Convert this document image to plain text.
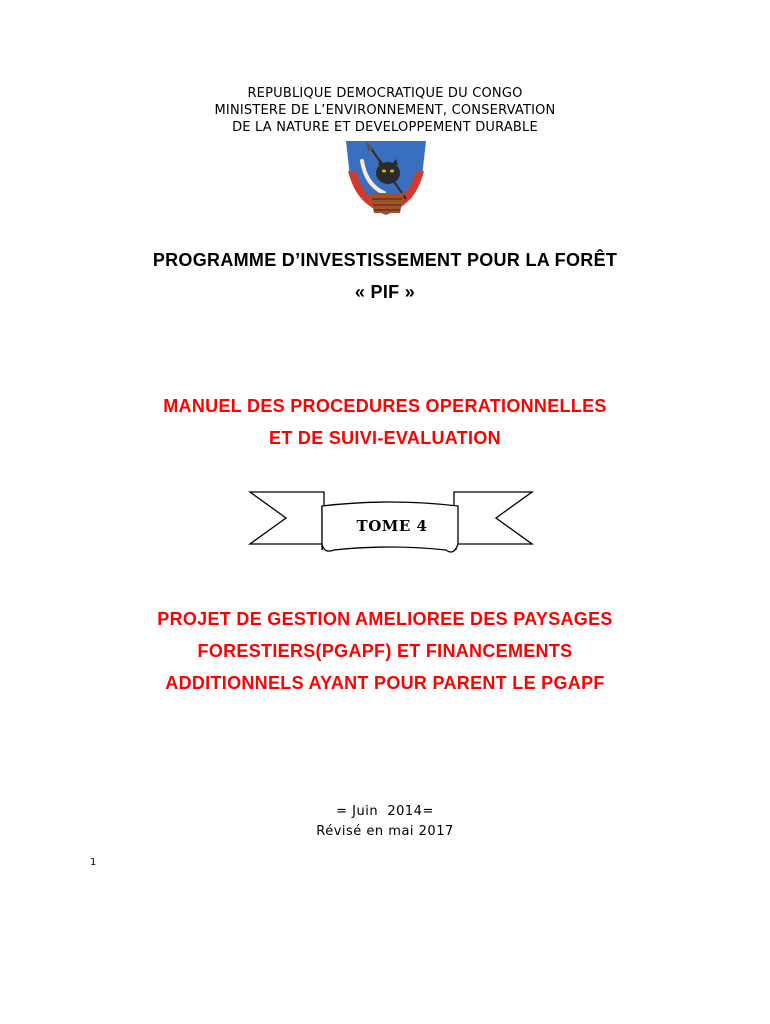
REPUBLIQUE DEMOCRATIQUE DU CONGO
MINISTERE DE L’ENVIRONNEMENT, CONSERVATION
DE LA NATURE ET DEVELOPPEMENT DURABLE
PROGRAMME D’INVESTISSEMENT POUR LA FORÊT
« PIF »
MANUEL DES PROCEDURES OPERATIONNELLES
ET DE SUIVI-EVALUATION
TOME 4
PROJET DE GESTION AMELIOREE DES PAYSAGES
FORESTIERS(PGAPF) ET FINANCEMENTS
ADDITIONNELS AYANT POUR PARENT LE PGAPF
= Juin  2014=
Révisé en mai 2017
1
